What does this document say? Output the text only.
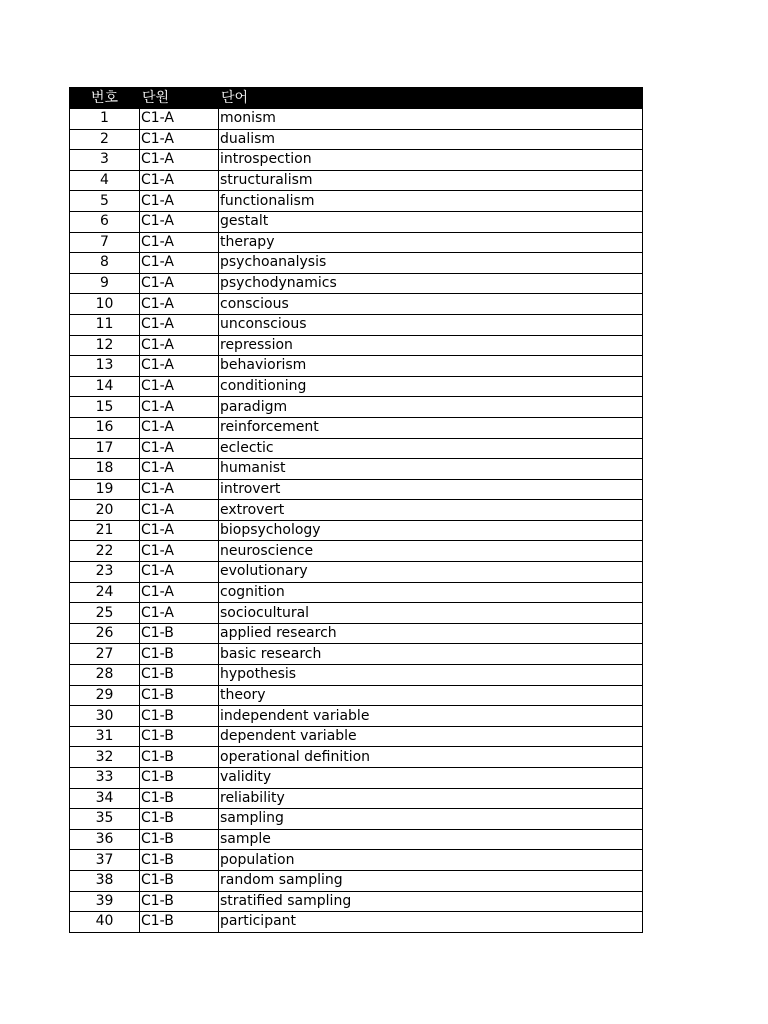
번호	단원	단어
1	C1-A	monism
2	C1-A	dualism
3	C1-A	introspection
4	C1-A	structuralism
5	C1-A	functionalism
6	C1-A	gestalt
7	C1-A	therapy
8	C1-A	psychoanalysis
9	C1-A	psychodynamics
10	C1-A	conscious
11	C1-A	unconscious
12	C1-A	repression
13	C1-A	behaviorism
14	C1-A	conditioning
15	C1-A	paradigm
16	C1-A	reinforcement
17	C1-A	eclectic
18	C1-A	humanist
19	C1-A	introvert
20	C1-A	extrovert
21	C1-A	biopsychology
22	C1-A	neuroscience
23	C1-A	evolutionary
24	C1-A	cognition
25	C1-A	sociocultural
26	C1-B	applied research
27	C1-B	basic research
28	C1-B	hypothesis
29	C1-B	theory
30	C1-B	independent variable
31	C1-B	dependent variable
32	C1-B	operational definition
33	C1-B	validity
34	C1-B	reliability
35	C1-B	sampling
36	C1-B	sample
37	C1-B	population
38	C1-B	random sampling
39	C1-B	stratified sampling
40	C1-B	participant
